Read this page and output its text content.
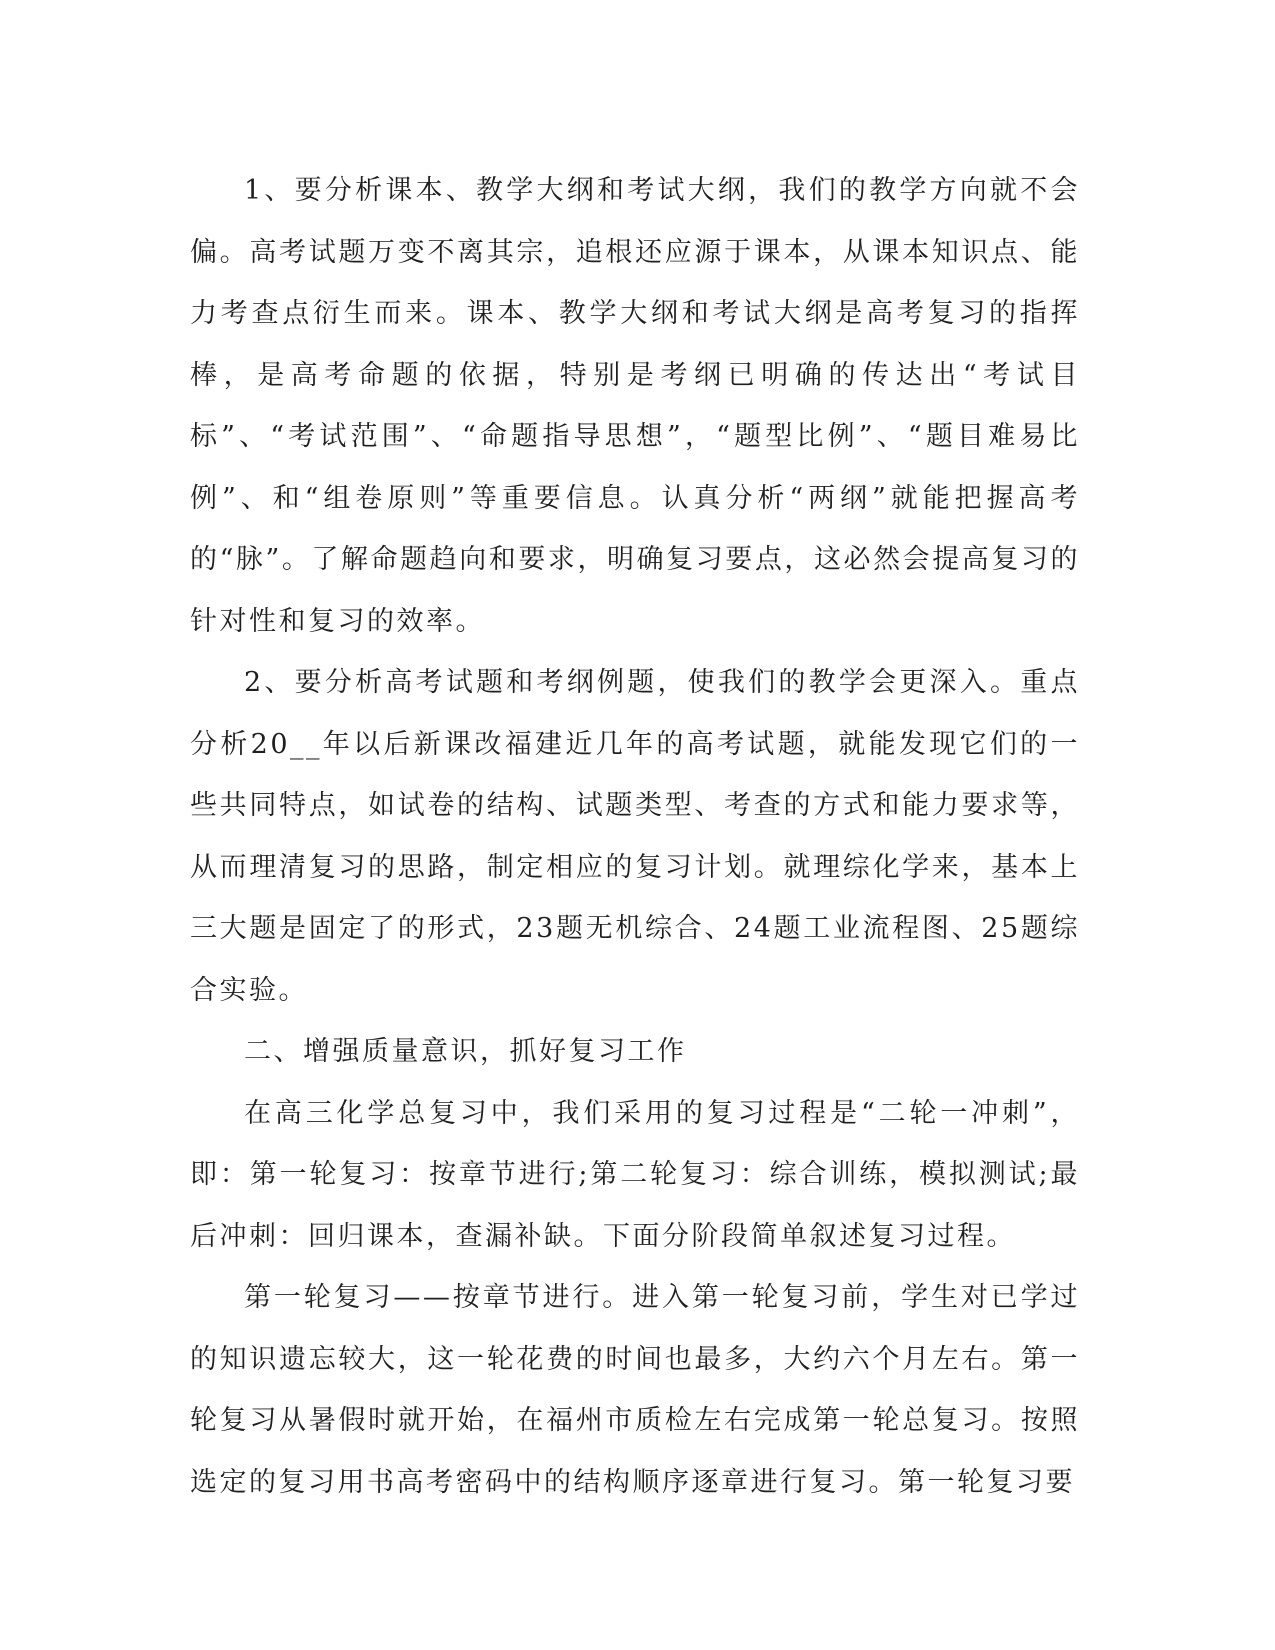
1、要分析课本、教学大纲和考试大纲，我们的教学方向就不会偏。高考试题万变不离其宗，追根还应源于课本，从课本知识点、能力考查点衍生而来。课本、教学大纲和考试大纲是高考复习的指挥棒，是高考命题的依据，特别是考纲已明确的传达出“考试目标”、“考试范围”、“命题指导思想”，“题型比例”、“题目难易比例”、和“组卷原则”等重要信息。认真分析“两纲”就能把握高考的“脉”。了解命题趋向和要求，明确复习要点，这必然会提高复习的针对性和复习的效率。

2、要分析高考试题和考纲例题，使我们的教学会更深入。重点分析20__年以后新课改福建近几年的高考试题，就能发现它们的一些共同特点，如试卷的结构、试题类型、考查的方式和能力要求等，从而理清复习的思路，制定相应的复习计划。就理综化学来，基本上三大题是固定了的形式，23题无机综合、24题工业流程图、25题综合实验。

二、增强质量意识，抓好复习工作

在高三化学总复习中，我们采用的复习过程是“二轮一冲刺”，即：第一轮复习：按章节进行;第二轮复习：综合训练，模拟测试;最后冲刺：回归课本，查漏补缺。下面分阶段简单叙述复习过程。

第一轮复习——按章节进行。进入第一轮复习前，学生对已学过的知识遗忘较大，这一轮花费的时间也最多，大约六个月左右。第一轮复习从暑假时就开始，在福州市质检左右完成第一轮总复习。按照选定的复习用书高考密码中的结构顺序逐章进行复习。第一轮复习要
